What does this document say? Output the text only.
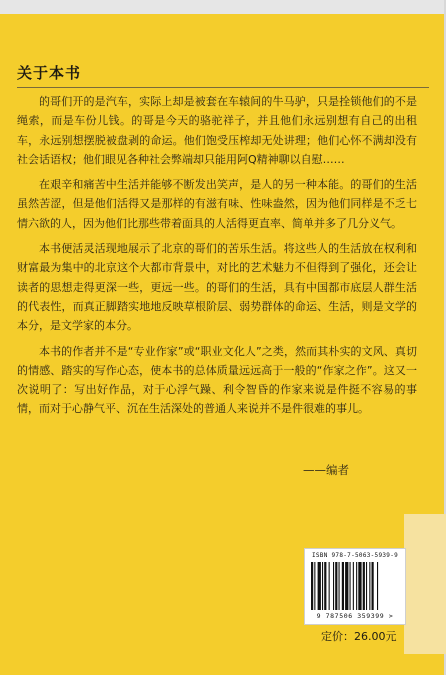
关于本书

的哥们开的是汽车，实际上却是被套在车辕间的牛马驴，只是拴锁他们的不是绳索，而是车份儿钱。的哥是今天的骆驼祥子，并且他们永远别想有自己的出租车，永远别想摆脱被盘剥的命运。他们饱受压榨却无处讲理；他们心怀不满却没有社会话语权；他们眼见各种社会弊端却只能用阿Q精神聊以自慰……

在艰辛和痛苦中生活并能够不断发出笑声，是人的另一种本能。的哥们的生活虽然苦涩，但是他们活得又是那样的有滋有味、性味盎然，因为他们同样是不乏七情六欲的人，因为他们比那些带着面具的人活得更直率、简单并多了几分义气。

本书便活灵活现地展示了北京的哥们的苦乐生活。将这些人的生活放在权利和财富最为集中的北京这个大都市背景中，对比的艺术魅力不但得到了强化，还会让读者的思想走得更深一些，更远一些。的哥们的生活，具有中国都市底层人群生活的代表性，而真正脚踏实地地反映草根阶层、弱势群体的命运、生活，则是文学的本分，是文学家的本分。

本书的作者并不是“专业作家”或“职业文化人”之类，然而其朴实的文风、真切的情感、踏实的写作心态，使本书的总体质量远远高于一般的“作家之作”。这又一次说明了：写出好作品，对于心浮气躁、利令智昏的作家来说是件挺不容易的事情，而对于心静气平、沉在生活深处的普通人来说并不是件很难的事儿。

——编者
ISBN 978-7-5063-5939-9
9 787506 359399 >
定价：26.00元
